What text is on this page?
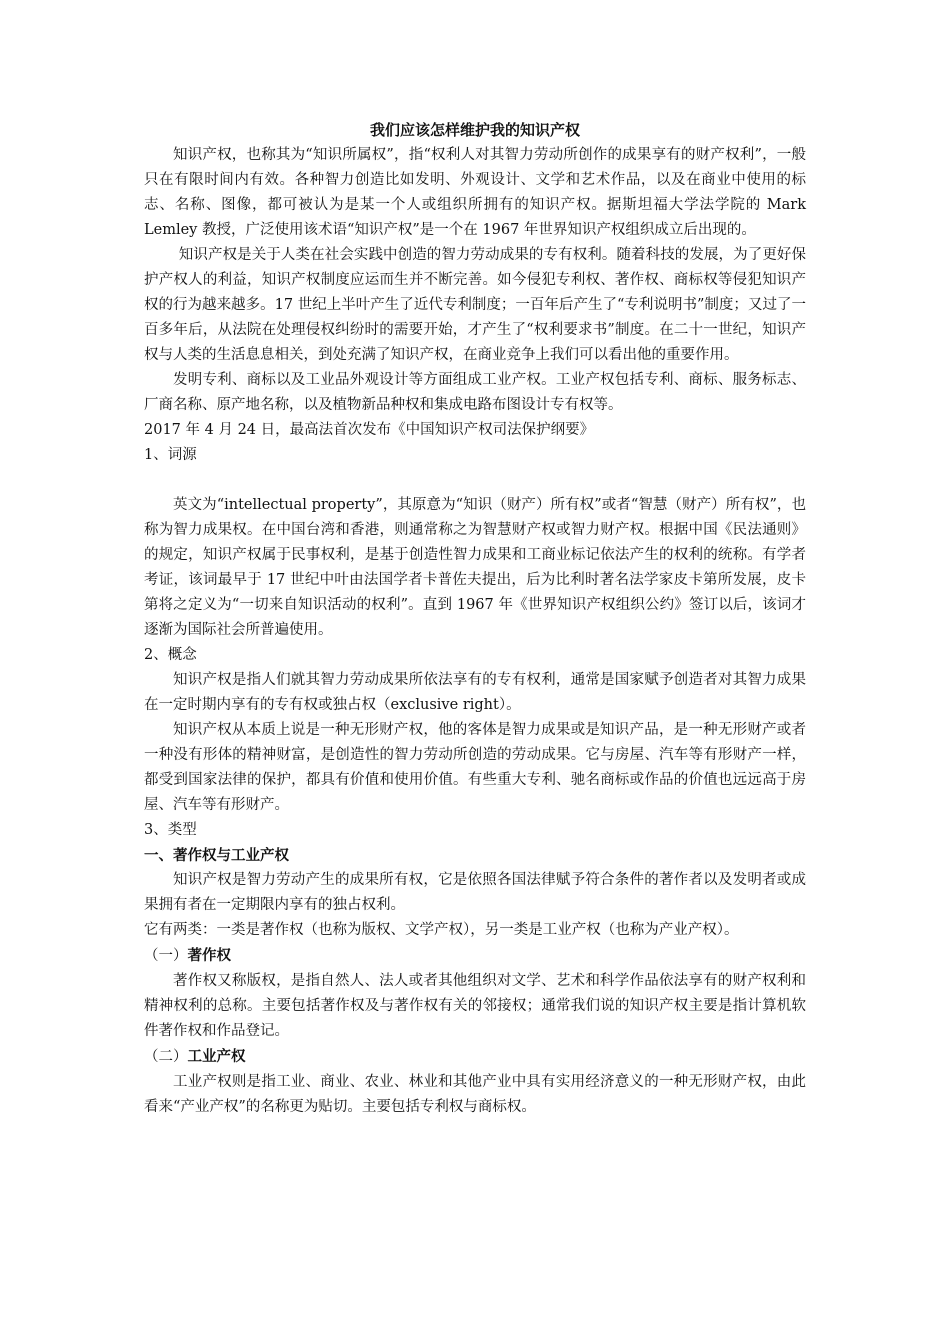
我们应该怎样维护我的知识产权

知识产权，也称其为“知识所属权”，指“权利人对其智力劳动所创作的成果享有的财产权利”，一般只在有限时间内有效。各种智力创造比如发明、外观设计、文学和艺术作品，以及在商业中使用的标志、名称、图像，都可被认为是某一个人或组织所拥有的知识产权。据斯坦福大学法学院的 Mark Lemley 教授，广泛使用该术语“知识产权”是一个在 1967 年世界知识产权组织成立后出现的。

知识产权是关于人类在社会实践中创造的智力劳动成果的专有权利。随着科技的发展，为了更好保护产权人的利益，知识产权制度应运而生并不断完善。如今侵犯专利权、著作权、商标权等侵犯知识产权的行为越来越多。17 世纪上半叶产生了近代专利制度；一百年后产生了“专利说明书”制度；又过了一百多年后，从法院在处理侵权纠纷时的需要开始，才产生了“权利要求书”制度。在二十一世纪，知识产权与人类的生活息息相关，到处充满了知识产权，在商业竞争上我们可以看出他的重要作用。

发明专利、商标以及工业品外观设计等方面组成工业产权。工业产权包括专利、商标、服务标志、厂商名称、原产地名称，以及植物新品种权和集成电路布图设计专有权等。

2017 年 4 月 24 日，最高法首次发布《中国知识产权司法保护纲要》

1、词源

英文为“intellectual property”，其原意为“知识（财产）所有权”或者“智慧（财产）所有权”，也称为智力成果权。在中国台湾和香港，则通常称之为智慧财产权或智力财产权。根据中国《民法通则》的规定，知识产权属于民事权利，是基于创造性智力成果和工商业标记依法产生的权利的统称。有学者考证，该词最早于 17 世纪中叶由法国学者卡普佐夫提出，后为比利时著名法学家皮卡第所发展，皮卡第将之定义为“一切来自知识活动的权利”。直到 1967 年《世界知识产权组织公约》签订以后，该词才逐渐为国际社会所普遍使用。

2、概念

知识产权是指人们就其智力劳动成果所依法享有的专有权利，通常是国家赋予创造者对其智力成果在一定时期内享有的专有权或独占权（exclusive right）。

知识产权从本质上说是一种无形财产权，他的客体是智力成果或是知识产品，是一种无形财产或者一种没有形体的精神财富，是创造性的智力劳动所创造的劳动成果。它与房屋、汽车等有形财产一样，都受到国家法律的保护，都具有价值和使用价值。有些重大专利、驰名商标或作品的价值也远远高于房屋、汽车等有形财产。

3、类型

一、著作权与工业产权

知识产权是智力劳动产生的成果所有权，它是依照各国法律赋予符合条件的著作者以及发明者或成果拥有者在一定期限内享有的独占权利。

它有两类：一类是著作权（也称为版权、文学产权），另一类是工业产权（也称为产业产权）。

（一）著作权

著作权又称版权，是指自然人、法人或者其他组织对文学、艺术和科学作品依法享有的财产权利和精神权利的总称。主要包括著作权及与著作权有关的邻接权；通常我们说的知识产权主要是指计算机软件著作权和作品登记。

（二）工业产权

工业产权则是指工业、商业、农业、林业和其他产业中具有实用经济意义的一种无形财产权，由此看来“产业产权”的名称更为贴切。主要包括专利权与商标权。
